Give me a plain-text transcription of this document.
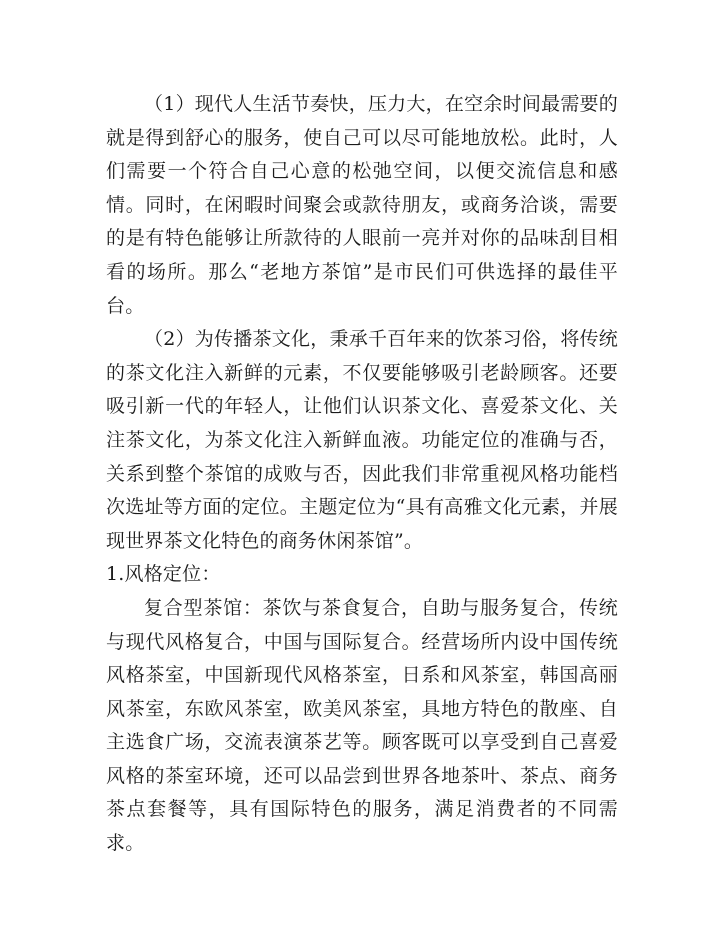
（1）现代人生活节奏快，压力大，在空余时间最需要的就是得到舒心的服务，使自己可以尽可能地放松。此时，人们需要一个符合自己心意的松弛空间，以便交流信息和感情。同时，在闲暇时间聚会或款待朋友，或商务洽谈，需要的是有特色能够让所款待的人眼前一亮并对你的品味刮目相看的场所。那么“老地方茶馆”是市民们可供选择的最佳平台。

（2）为传播茶文化，秉承千百年来的饮茶习俗，将传统的茶文化注入新鲜的元素，不仅要能够吸引老龄顾客。还要吸引新一代的年轻人，让他们认识茶文化、喜爱茶文化、关注茶文化，为茶文化注入新鲜血液。功能定位的准确与否，关系到整个茶馆的成败与否，因此我们非常重视风格功能档次选址等方面的定位。主题定位为“具有高雅文化元素，并展现世界茶文化特色的商务休闲茶馆”。

1.风格定位：

复合型茶馆：茶饮与茶食复合，自助与服务复合，传统与现代风格复合，中国与国际复合。经营场所内设中国传统风格茶室，中国新现代风格茶室，日系和风茶室，韩国高丽风茶室，东欧风茶室，欧美风茶室，具地方特色的散座、自主选食广场，交流表演茶艺等。顾客既可以享受到自己喜爱风格的茶室环境，还可以品尝到世界各地茶叶、茶点、商务茶点套餐等，具有国际特色的服务，满足消费者的不同需求。
